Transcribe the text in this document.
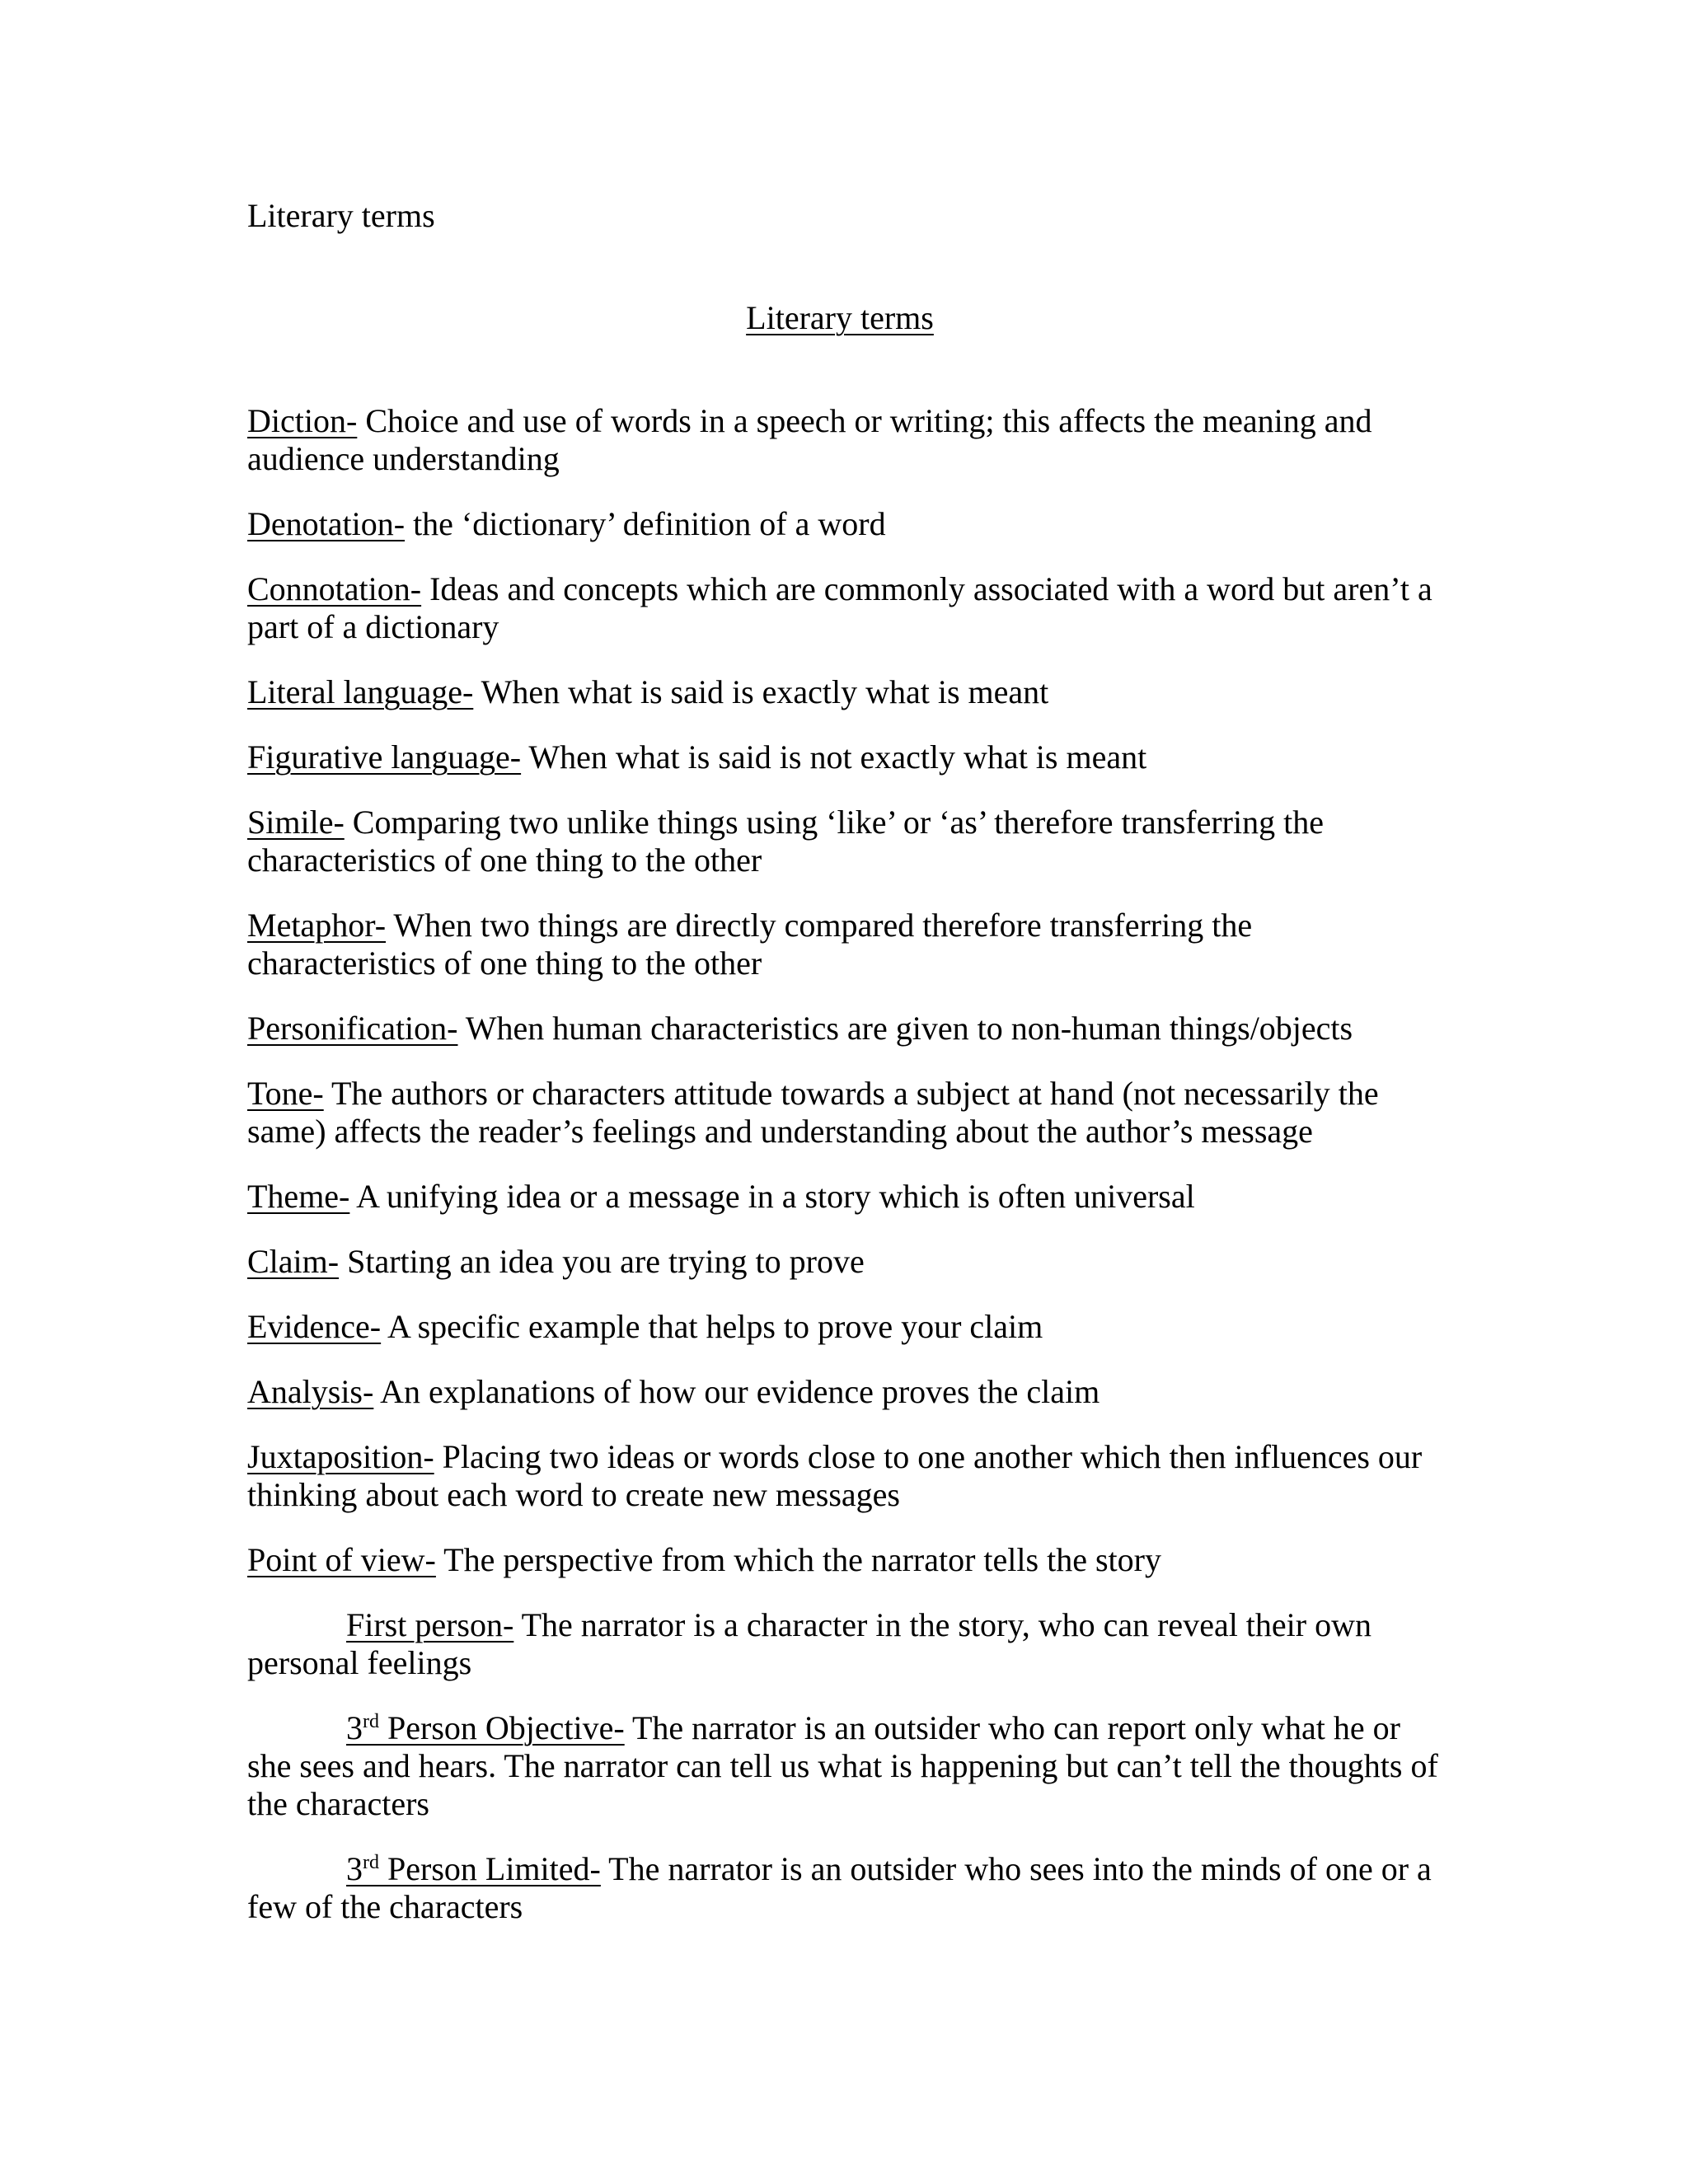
Literary terms
Literary terms
Diction- Choice and use of words in a speech or writing; this affects the meaning and audience understanding
Denotation- the ‘dictionary’ definition of a word
Connotation- Ideas and concepts which are commonly associated with a word but aren’t a part of a dictionary
Literal language- When what is said is exactly what is meant
Figurative language- When what is said is not exactly what is meant
Simile- Comparing two unlike things using ‘like’ or ‘as’ therefore transferring the characteristics of one thing to the other
Metaphor- When two things are directly compared therefore transferring the characteristics of one thing to the other
Personification- When human characteristics are given to non-human things/objects
Tone- The authors or characters attitude towards a subject at hand (not necessarily the same) affects the reader’s feelings and understanding about the author’s message
Theme- A unifying idea or a message in a story which is often universal
Claim- Starting an idea you are trying to prove
Evidence- A specific example that helps to prove your claim
Analysis- An explanations of how our evidence proves the claim
Juxtaposition- Placing two ideas or words close to one another which then influences our thinking about each word to create new messages
Point of view- The perspective from which the narrator tells the story
First person- The narrator is a character in the story, who can reveal their own personal feelings
3rd Person Objective- The narrator is an outsider who can report only what he or she sees and hears. The narrator can tell us what is happening but can’t tell the thoughts of the characters
3rd Person Limited- The narrator is an outsider who sees into the minds of one or a few of the characters
